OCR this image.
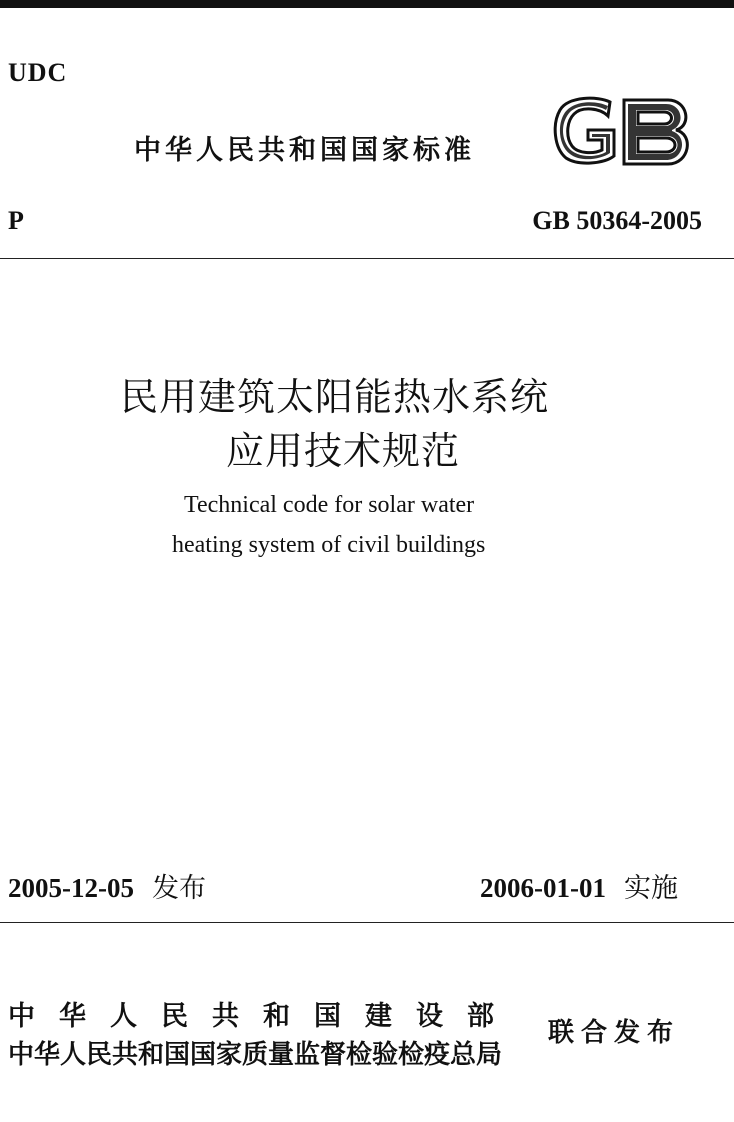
UDC
中华人民共和国国家标准
P	GB 50364-2005
民用建筑太阳能热水系统
应用技术规范
Technical code for solar water
heating system of civil buildings
2005-12-05 发布	2006-01-01 实施
中华人民共和国建设部
中华人民共和国国家质量监督检验检疫总局
联合发布
